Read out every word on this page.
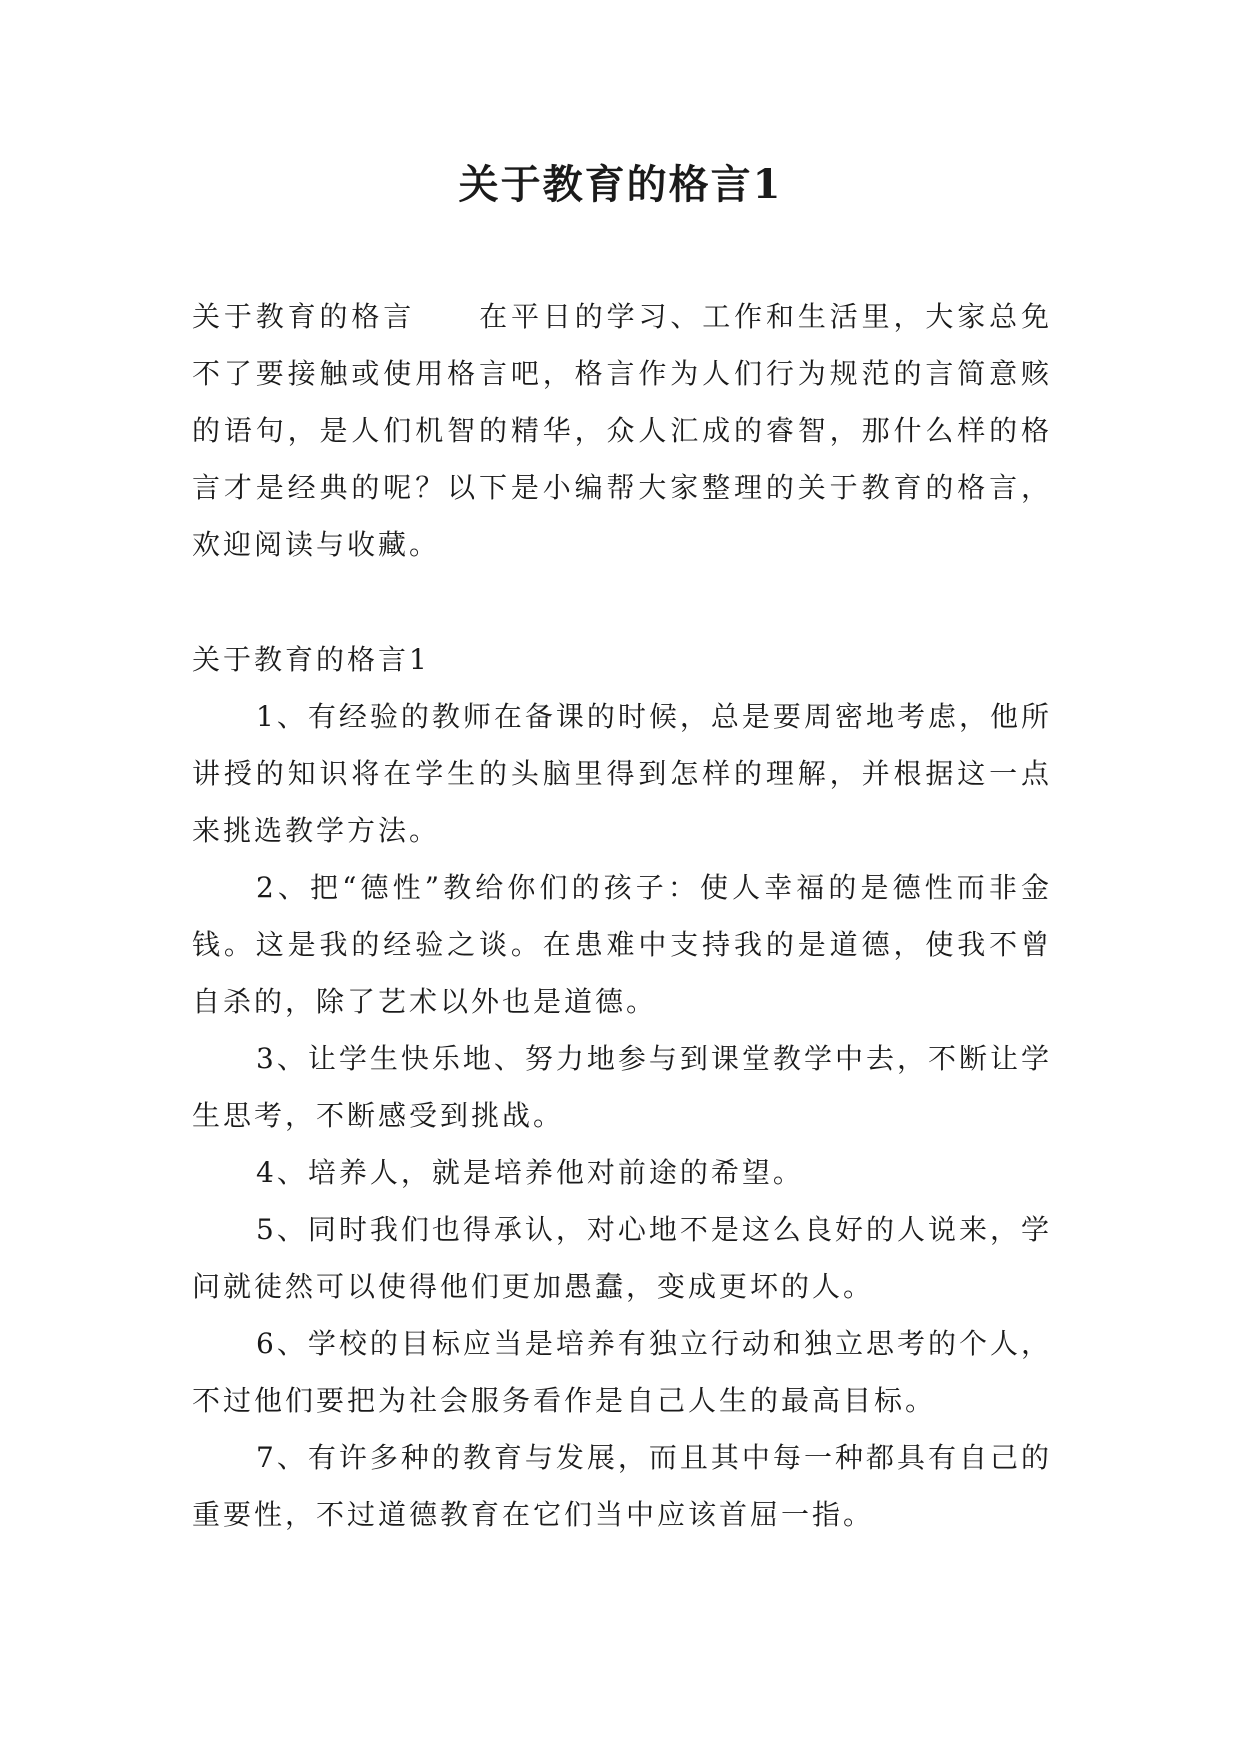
关于教育的格言1

关于教育的格言 在平日的学习、工作和生活里，大家总免不了要接触或使用格言吧，格言作为人们行为规范的言简意赅的语句，是人们机智的精华，众人汇成的睿智，那什么样的格言才是经典的呢？以下是小编帮大家整理的关于教育的格言，欢迎阅读与收藏。

关于教育的格言1
1、有经验的教师在备课的时候，总是要周密地考虑，他所讲授的知识将在学生的头脑里得到怎样的理解，并根据这一点来挑选教学方法。
2、把“德性”教给你们的孩子：使人幸福的是德性而非金钱。这是我的经验之谈。在患难中支持我的是道德，使我不曾自杀的，除了艺术以外也是道德。
3、让学生快乐地、努力地参与到课堂教学中去，不断让学生思考，不断感受到挑战。
4、培养人，就是培养他对前途的希望。
5、同时我们也得承认，对心地不是这么良好的人说来，学问就徒然可以使得他们更加愚蠢，变成更坏的人。
6、学校的目标应当是培养有独立行动和独立思考的个人，不过他们要把为社会服务看作是自己人生的最高目标。
7、有许多种的教育与发展，而且其中每一种都具有自己的重要性，不过道德教育在它们当中应该首屈一指。
